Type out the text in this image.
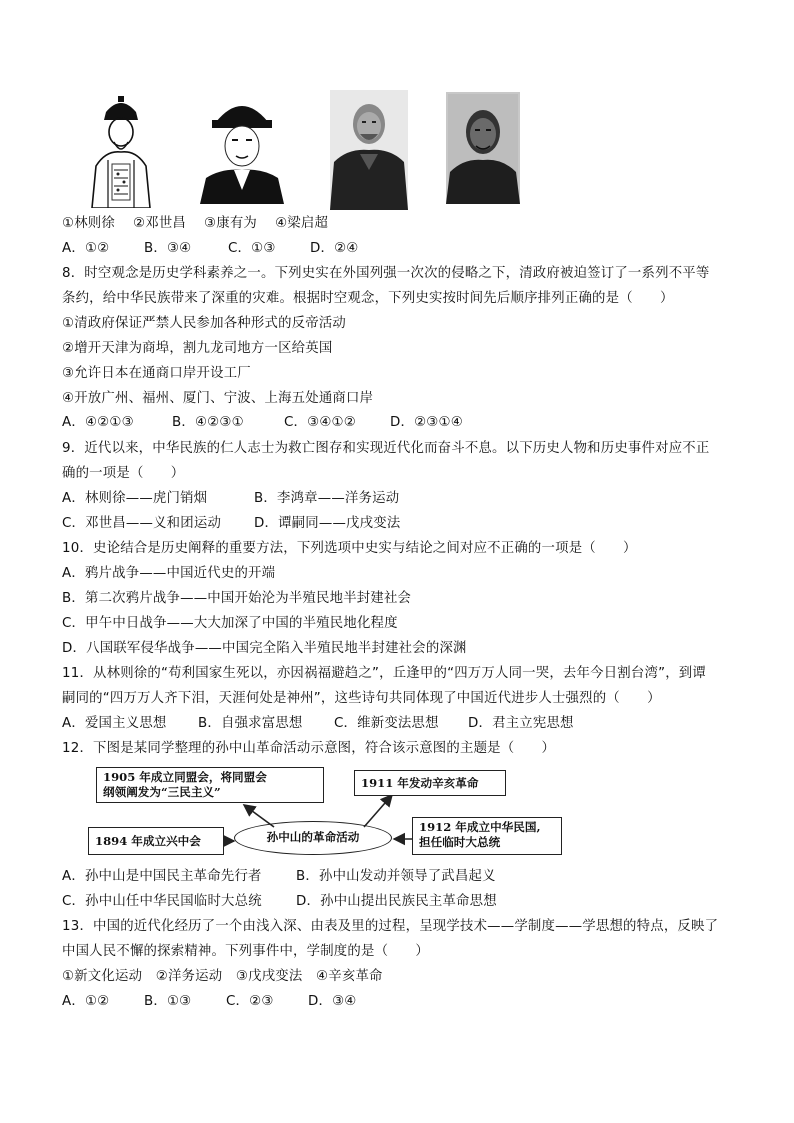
①林则徐　 ②邓世昌　 ③康有为　 ④梁启超
A．①②	B．③④	C．①③	D．②④
8．时空观念是历史学科素养之一。下列史实在外国列强一次次的侵略之下，清政府被迫签订了一系列不平等
条约，给中华民族带来了深重的灾难。根据时空观念，下列史实按时间先后顺序排列正确的是（　　）
①清政府保证严禁人民参加各种形式的反帝活动
②增开天津为商埠，割九龙司地方一区给英国
③允许日本在通商口岸开设工厂
④开放广州、福州、厦门、宁波、上海五处通商口岸
A．④②①③	B．④②③①	C．③④①②	D．②③①④
9．近代以来，中华民族的仁人志士为救亡图存和实现近代化而奋斗不息。以下历史人物和历史事件对应不正
确的一项是（　　）
A．林则徐——虎门销烟	B．李鸿章——洋务运动
C．邓世昌——义和团运动 D．谭嗣同——戊戌变法
10．史论结合是历史阐释的重要方法，下列选项中史实与结论之间对应不正确的一项是（　　）
A．鸦片战争——中国近代史的开端
B．第二次鸦片战争——中国开始沦为半殖民地半封建社会
C．甲午中日战争——大大加深了中国的半殖民地化程度
D．八国联军侵华战争——中国完全陷入半殖民地半封建社会的深渊
11．从林则徐的“苟利国家生死以，亦因祸福避趋之”，丘逢甲的“四万万人同一哭，去年今日割台湾”，到谭
嗣同的“四万万人齐下泪，天涯何处是神州”，这些诗句共同体现了中国近代进步人士强烈的（　　）
A．爱国主义思想 B．自强求富思想 C．维新变法思想 D．君主立宪思想
12．下图是某同学整理的孙中山革命活动示意图，符合该示意图的主题是（　　）
1905 年成立同盟会，将同盟会
纲领阐发为“三民主义”
1911 年发动辛亥革命
1894 年成立兴中会	孙中山的革命活动
1912 年成立中华民国,
担任临时大总统
A．孙中山是中国民主革命先行者	B．孙中山发动并领导了武昌起义
C．孙中山任中华民国临时大总统	D．孙中山提出民族民主革命思想
13．中国的近代化经历了一个由浅入深、由表及里的过程，呈现学技术——学制度——学思想的特点，反映了
中国人民不懈的探索精神。下列事件中，学制度的是（　　）
①新文化运动　②洋务运动　③戊戌变法　④辛亥革命
A．①②	B．①③	C．②③	D．③④
